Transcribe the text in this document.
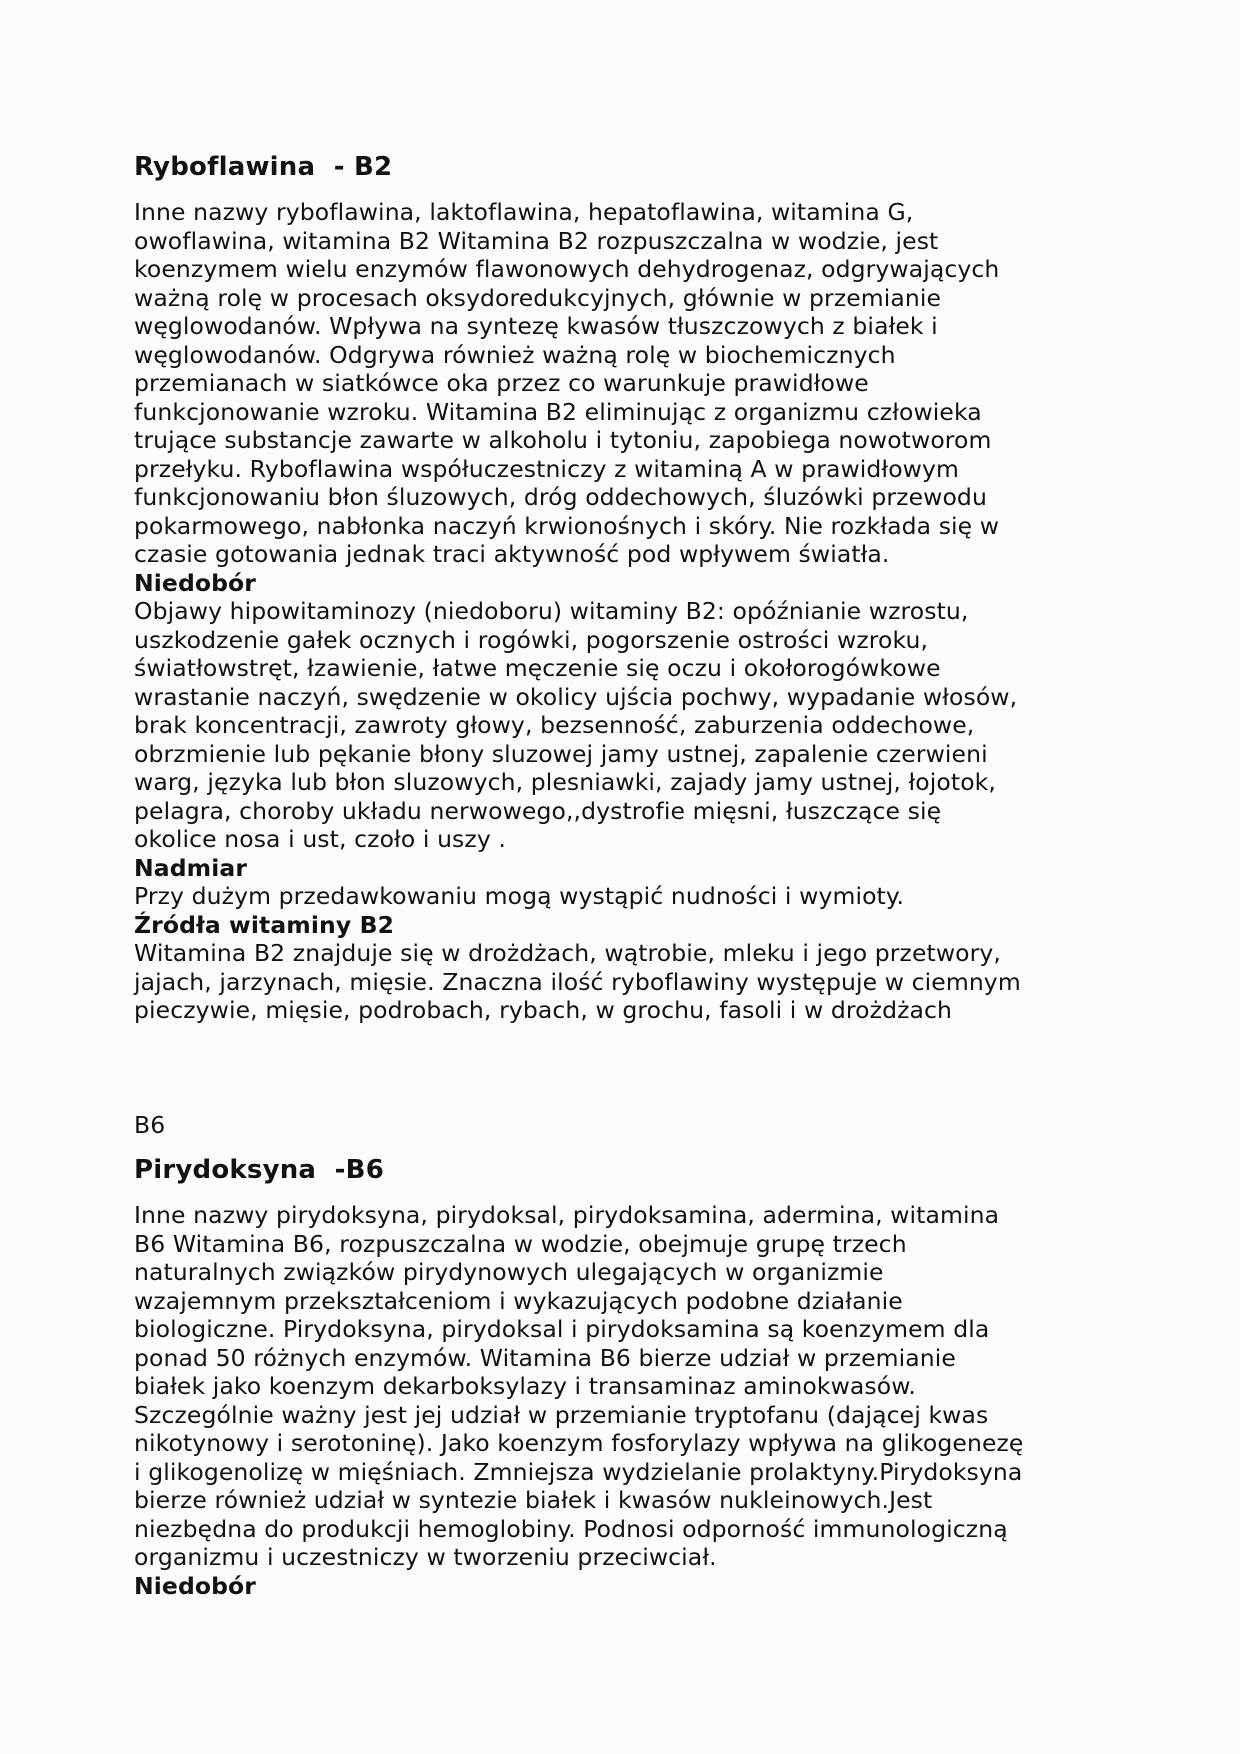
Ryboflawina  - B2

Inne nazwy ryboflawina, laktoflawina, hepatoflawina, witamina G,
owoflawina, witamina B2 Witamina B2 rozpuszczalna w wodzie, jest
koenzymem wielu enzymów flawonowych dehydrogenaz, odgrywających
ważną rolę w procesach oksydoredukcyjnych, głównie w przemianie
węglowodanów. Wpływa na syntezę kwasów tłuszczowych z białek i
węglowodanów. Odgrywa również ważną rolę w biochemicznych
przemianach w siatkówce oka przez co warunkuje prawidłowe
funkcjonowanie wzroku. Witamina B2 eliminując z organizmu człowieka
trujące substancje zawarte w alkoholu i tytoniu, zapobiega nowotworom
przełyku. Ryboflawina współuczestniczy z witaminą A w prawidłowym
funkcjonowaniu błon śluzowych, dróg oddechowych, śluzówki przewodu
pokarmowego, nabłonka naczyń krwionośnych i skóry. Nie rozkłada się w
czasie gotowania jednak traci aktywność pod wpływem światła.

Niedobór

Objawy hipowitaminozy (niedoboru) witaminy B2: opóźnianie wzrostu,
uszkodzenie gałek ocznych i rogówki, pogorszenie ostrości wzroku,
światłowstręt, łzawienie, łatwe męczenie się oczu i okołorogówkowe
wrastanie naczyń, swędzenie w okolicy ujścia pochwy, wypadanie włosów,
brak koncentracji, zawroty głowy, bezsenność, zaburzenia oddechowe,
obrzmienie lub pękanie błony sluzowej jamy ustnej, zapalenie czerwieni
warg, języka lub błon sluzowych, plesniawki, zajady jamy ustnej, łojotok,
pelagra, choroby układu nerwowego,,dystrofie mięsni, łuszczące się
okolice nosa i ust, czoło i uszy .

Nadmiar

Przy dużym przedawkowaniu mogą wystąpić nudności i wymioty.

Źródła witaminy B2

Witamina B2 znajduje się w drożdżach, wątrobie, mleku i jego przetwory,
jajach, jarzynach, mięsie. Znaczna ilość ryboflawiny występuje w ciemnym
pieczywie, mięsie, podrobach, rybach, w grochu, fasoli i w drożdżach

B6
Pirydoksyna  -B6

Inne nazwy pirydoksyna, pirydoksal, pirydoksamina, adermina, witamina
B6 Witamina B6, rozpuszczalna w wodzie, obejmuje grupę trzech
naturalnych związków pirydynowych ulegających w organizmie
wzajemnym przekształceniom i wykazujących podobne działanie
biologiczne. Pirydoksyna, pirydoksal i pirydoksamina są koenzymem dla
ponad 50 różnych enzymów. Witamina B6 bierze udział w przemianie
białek jako koenzym dekarboksylazy i transaminaz aminokwasów.
Szczególnie ważny jest jej udział w przemianie tryptofanu (dającej kwas
nikotynowy i serotoninę). Jako koenzym fosforylazy wpływa na glikogenezę
i glikogenolizę w mięśniach. Zmniejsza wydzielanie prolaktyny.Pirydoksyna
bierze również udział w syntezie białek i kwasów nukleinowych.Jest
niezbędna do produkcji hemoglobiny. Podnosi odporność immunologiczną
organizmu i uczestniczy w tworzeniu przeciwciał.

Niedobór
